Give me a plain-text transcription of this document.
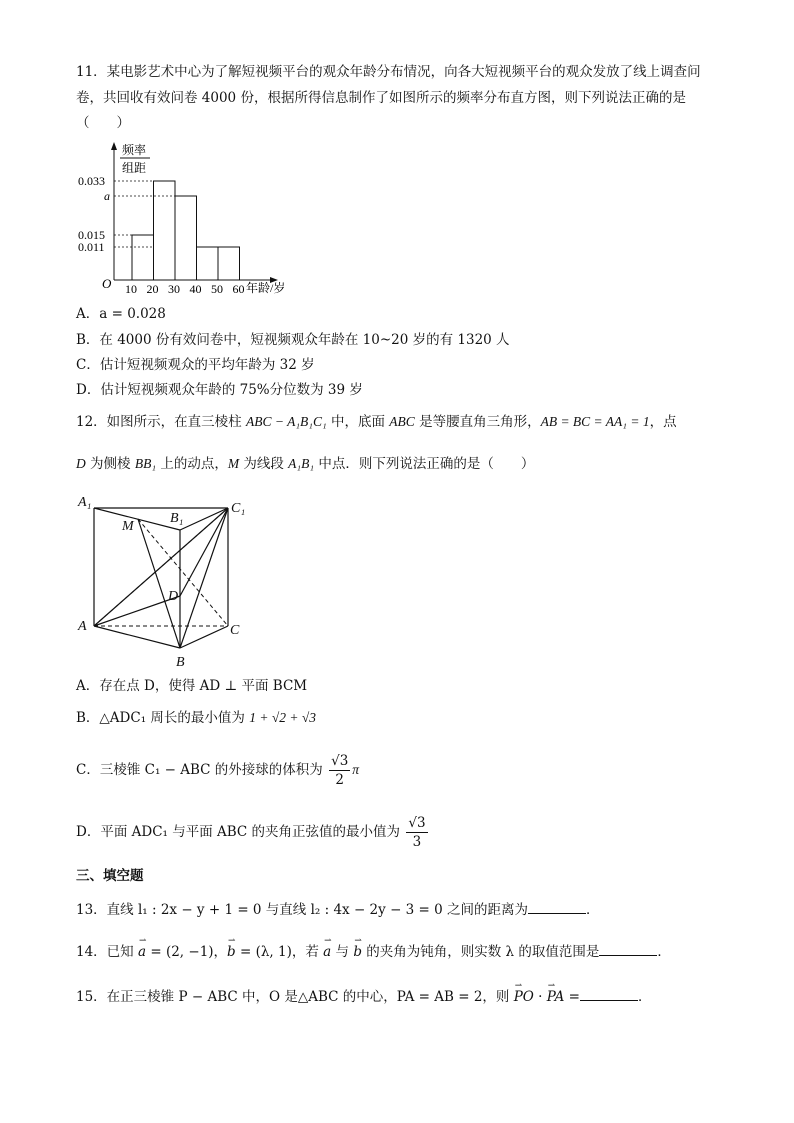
11．某电影艺术中心为了解短视频平台的观众年龄分布情况，向各大短视频平台的观众发放了线上调查问
卷，共回收有效问卷 4000 份，根据所得信息制作了如图所示的频率分布直方图，则下列说法正确的是
（　　）
频率
组距
年龄/岁
O
0.033
a
0.015
0.011
10 20 30 40 50 60
A．a = 0.028
B．在 4000 份有效问卷中，短视频观众年龄在 10~20 岁的有 1320 人
C．估计短视频观众的平均年龄为 32 岁
D．估计短视频观众年龄的 75%分位数为 39 岁
12．如图所示，在直三棱柱 ABC − A₁B₁C₁ 中，底面 ABC 是等腰直角三角形，AB = BC = AA₁ = 1，点
D 为侧棱 BB₁ 上的动点，M 为线段 A₁B₁ 中点．则下列说法正确的是（　　）
A₁
B₁
C₁
M
D
A
B
C
A．存在点 D，使得 AD ⊥ 平面 BCM
B．△ADC₁ 周长的最小值为 1 + √2 + √3
C．三棱锥 C₁ − ABC 的外接球的体积为 $\frac{√3}{2}$ π
D．平面 ADC₁ 与平面 ABC 的夹角正弦值的最小值为 $\frac{√3}{3}$
三、填空题
13．直线 l₁ : 2x − y + 1 = 0 与直线 l₂ : 4x − 2y − 3 = 0 之间的距离为	．
14．已知 ⇀ a = (2, −1)，⇀ b = (λ, 1)，若 ⇀ a 与 ⇀ b 的夹角为钝角，则实数 λ 的取值范围是	．
15．在正三棱锥 P − ABC 中，O 是△ABC 的中心，PA = AB = 2，则 ⇀ PO · ⇀ PA =	．
